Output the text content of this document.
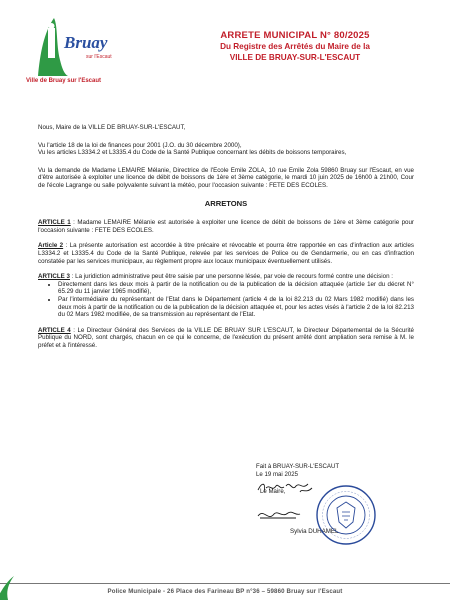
Bruay
sur l'Escaut
Ville de Bruay sur l'Escaut
ARRETE MUNICIPAL N° 80/2025
Du Registre des Arrêtés du Maire de la
VILLE DE BRUAY-SUR-L'ESCAUT

Nous, Maire de la VILLE DE BRUAY-SUR-L'ESCAUT,

Vu l'article 18 de la loi de finances pour 2001 (J.O. du 30 décembre 2000),

Vu les articles L3334.2 et L3335.4 du Code de la Santé Publique concernant les débits de boissons temporaires,

Vu la demande de Madame LEMAIRE Mélanie, Directrice de l'Ecole Emile ZOLA, 10 rue Emile Zola 59860 Bruay sur l'Escaut, en vue d'être autorisée à exploiter une licence de débit de boissons de 1ère et 3ème catégorie, le mardi 10 juin 2025 de 16h00 à 21h00, Cour de l'école Lagrange ou salle polyvalente suivant la météo, pour l'occasion suivante : FETE DES ECOLES.

ARRETONS

ARTICLE 1 : Madame LEMAIRE Mélanie est autorisée à exploiter une licence de débit de boissons de 1ère et 3ème catégorie pour l'occasion suivante : FETE DES ECOLES.

Article 2 : La présente autorisation est accordée à titre précaire et révocable et pourra être rapportée en cas d'infraction aux articles L3334.2 et L3335.4 du Code de la Santé Publique, relevée par les services de Police ou de Gendarmerie, ou en cas d'infraction constatée par les services municipaux, au règlement propre aux locaux municipaux éventuellement utilisés.

ARTICLE 3 : La juridiction administrative peut être saisie par une personne lésée, par voie de recours formé contre une décision :

• Directement dans les deux mois à partir de la notification ou de la publication de la décision attaquée (article 1er du décret N° 65.29 du 11 janvier 1965 modifié),
• Par l'intermédiaire du représentant de l'Etat dans le Département (article 4 de la loi 82.213 du 02 Mars 1982 modifié) dans les deux mois à partir de la notification ou de la publication de la décision attaquée et, pour les actes visés à l'article 2 de la loi 82.213 du 02 Mars 1982 modifiée, de sa transmission au représentant de l'Etat.

ARTICLE 4 : Le Directeur Général des Services de la VILLE DE BRUAY SUR L'ESCAUT, le Directeur Départemental de la Sécurité Publique du NORD, sont chargés, chacun en ce qui le concerne, de l'exécution du présent arrêté dont ampliation sera remise à M. le préfet et à l'intéressé.

Fait à BRUAY-SUR-L'ESCAUT
Le 19 mai 2025
Le Maire,
Sylvia DUHAMEL
Police Municipale - 26 Place des Farineau BP n°36 – 59860 Bruay sur l'Escaut
